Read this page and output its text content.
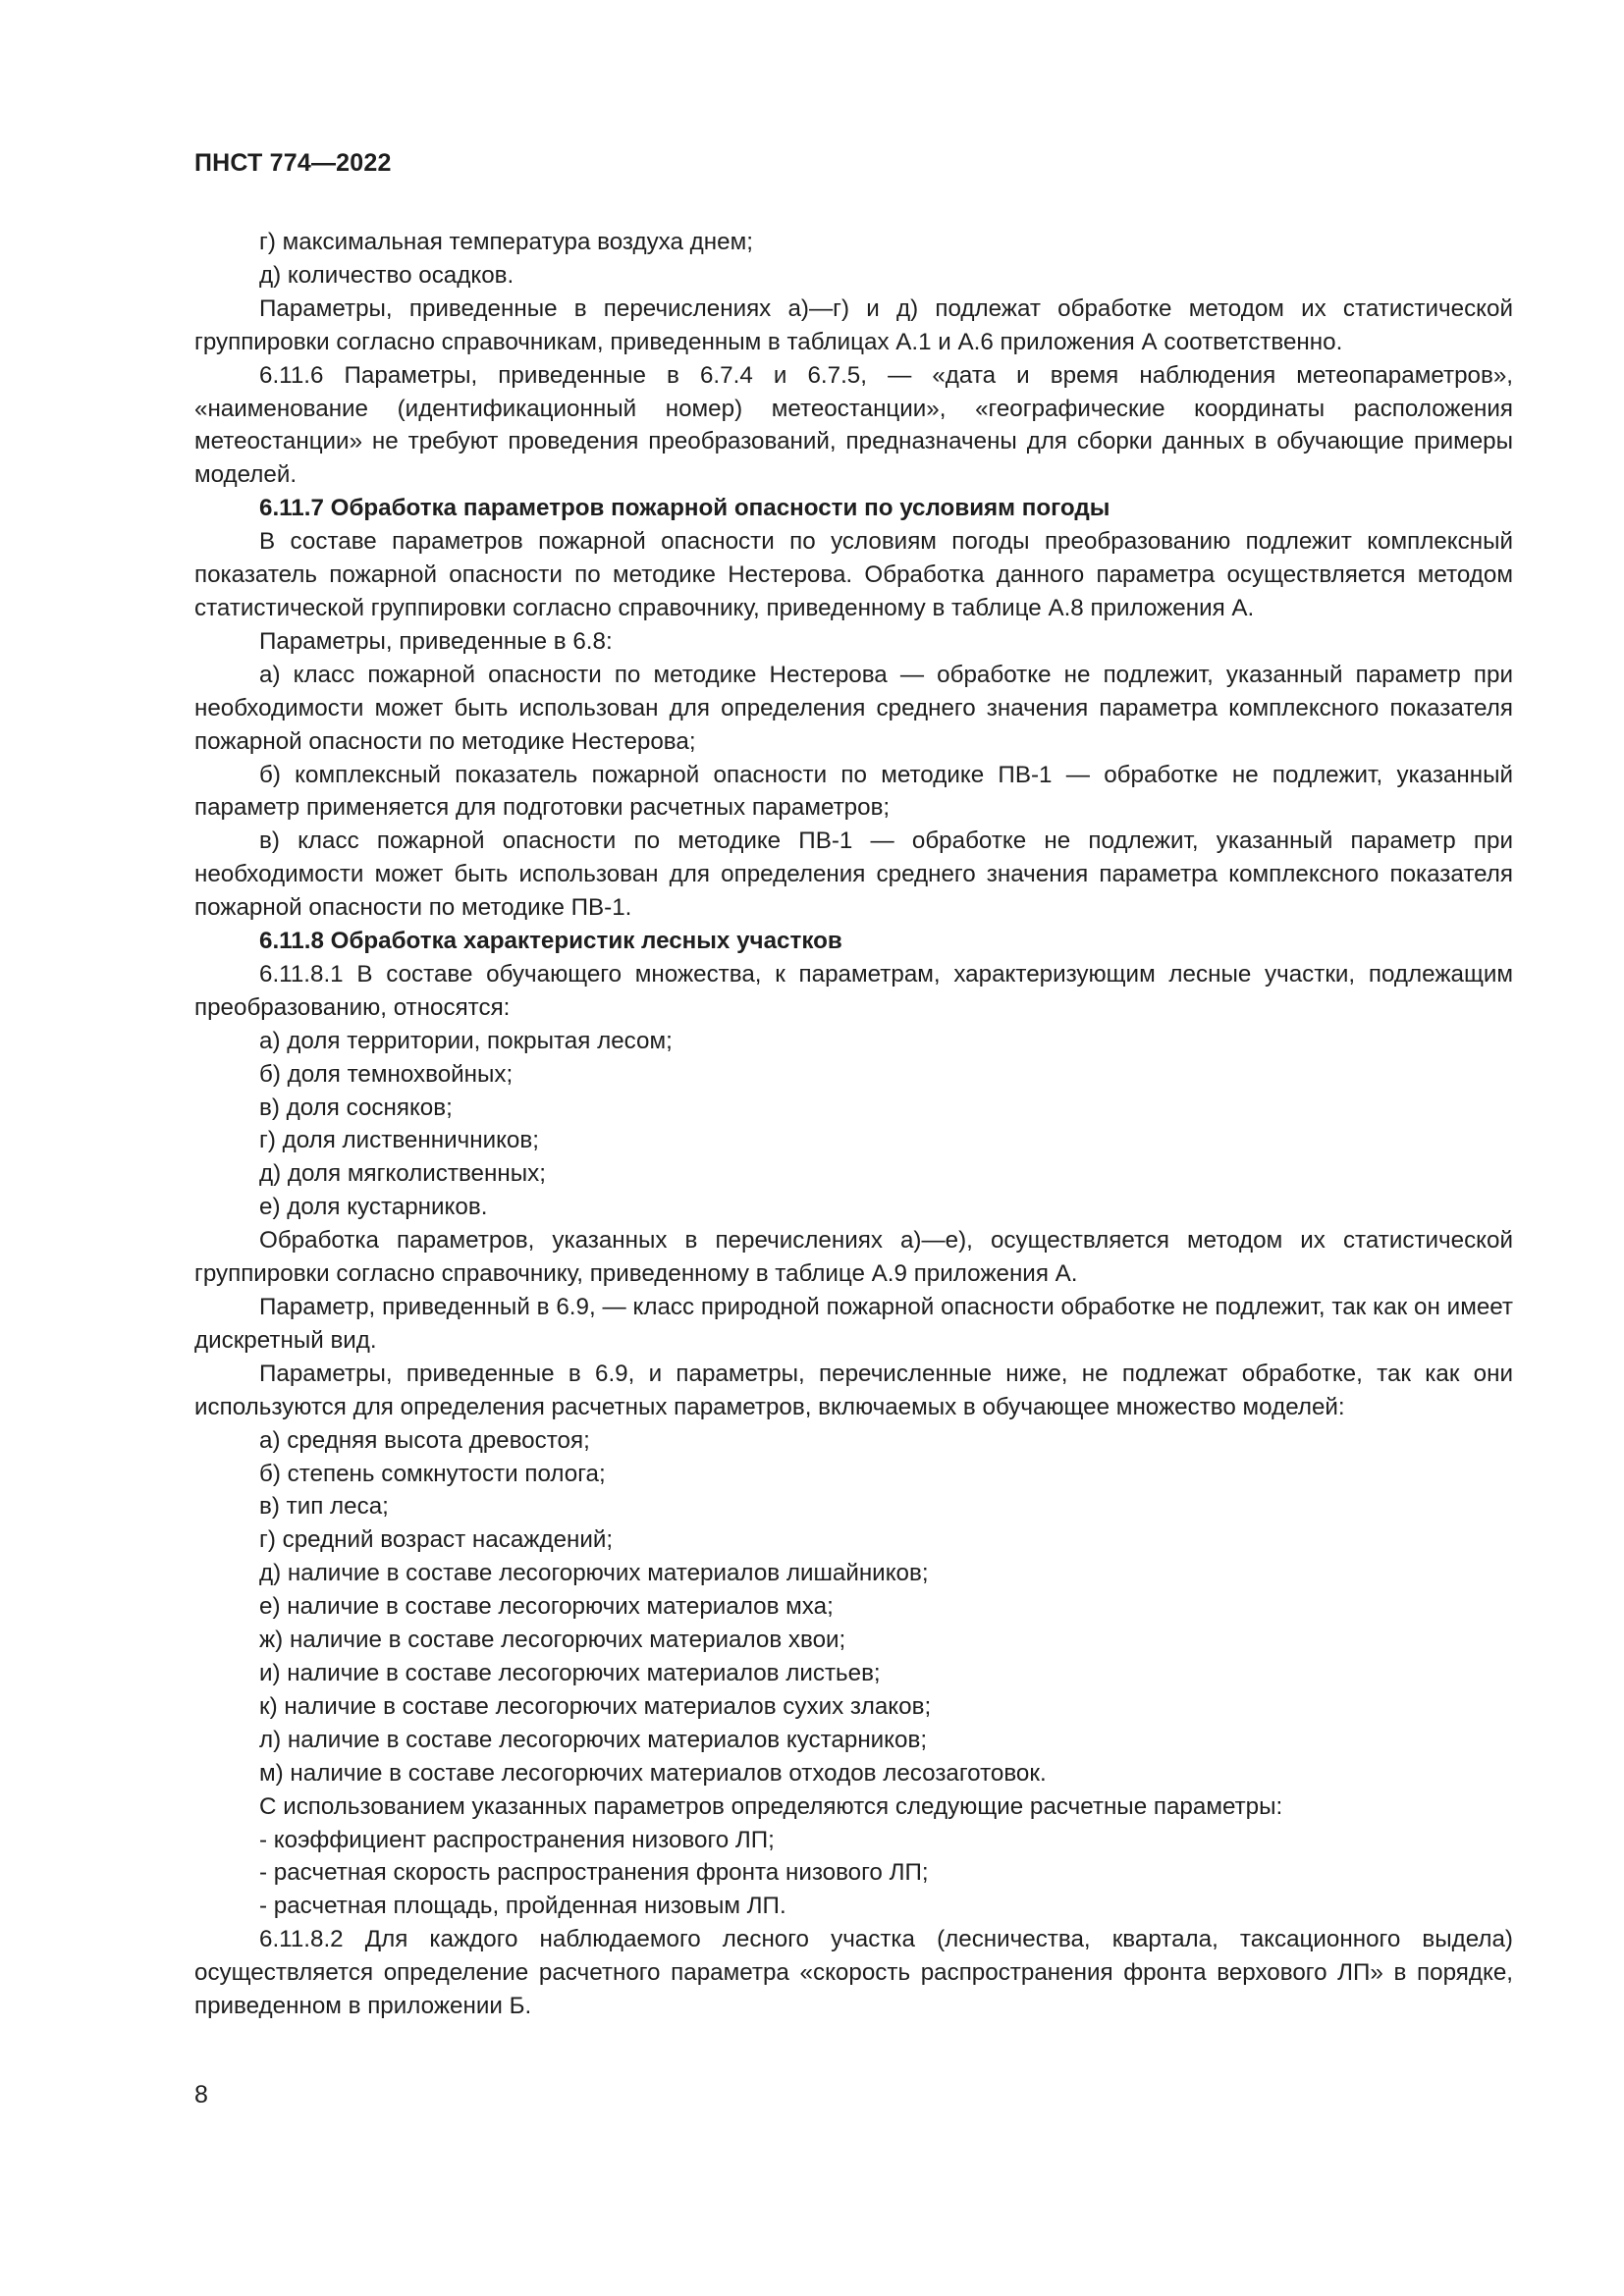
ПНСТ 774—2022

г) максимальная температура воздуха днем;

д) количество осадков.

Параметры, приведенные в перечислениях а)—г) и д) подлежат обработке методом их статистической группировки согласно справочникам, приведенным в таблицах А.1 и А.6 приложения А соответственно.

6.11.6 Параметры, приведенные в 6.7.4 и 6.7.5, — «дата и время наблюдения метеопараметров», «наименование (идентификационный номер) метеостанции», «географические координаты расположения метеостанции» не требуют проведения преобразований, предназначены для сборки данных в обучающие примеры моделей.

6.11.7 Обработка параметров пожарной опасности по условиям погоды

В составе параметров пожарной опасности по условиям погоды преобразованию подлежит комплексный показатель пожарной опасности по методике Нестерова. Обработка данного параметра осуществляется методом статистической группировки согласно справочнику, приведенному в таблице А.8 приложения А.

Параметры, приведенные в 6.8:

а) класс пожарной опасности по методике Нестерова — обработке не подлежит, указанный параметр при необходимости может быть использован для определения среднего значения параметра комплексного показателя пожарной опасности по методике Нестерова;

б) комплексный показатель пожарной опасности по методике ПВ-1 — обработке не подлежит, указанный параметр применяется для подготовки расчетных параметров;

в) класс пожарной опасности по методике ПВ-1 — обработке не подлежит, указанный параметр при необходимости может быть использован для определения среднего значения параметра комплексного показателя пожарной опасности по методике ПВ-1.

6.11.8 Обработка характеристик лесных участков

6.11.8.1 В составе обучающего множества, к параметрам, характеризующим лесные участки, подлежащим преобразованию, относятся:

а) доля территории, покрытая лесом;

б) доля темнохвойных;

в) доля сосняков;

г) доля лиственничников;

д) доля мягколиственных;

е) доля кустарников.

Обработка параметров, указанных в перечислениях а)—е), осуществляется методом их статистической группировки согласно справочнику, приведенному в таблице А.9 приложения А.

Параметр, приведенный в 6.9, — класс природной пожарной опасности обработке не подлежит, так как он имеет дискретный вид.

Параметры, приведенные в 6.9, и параметры, перечисленные ниже, не подлежат обработке, так как они используются для определения расчетных параметров, включаемых в обучающее множество моделей:

а) средняя высота древостоя;

б) степень сомкнутости полога;

в) тип леса;

г) средний возраст насаждений;

д) наличие в составе лесогорючих материалов лишайников;

е) наличие в составе лесогорючих материалов мха;

ж) наличие в составе лесогорючих материалов хвои;

и) наличие в составе лесогорючих материалов листьев;

к) наличие в составе лесогорючих материалов сухих злаков;

л) наличие в составе лесогорючих материалов кустарников;

м) наличие в составе лесогорючих материалов отходов лесозаготовок.

С использованием указанных параметров определяются следующие расчетные параметры:

- коэффициент распространения низового ЛП;

- расчетная скорость распространения фронта низового ЛП;

- расчетная площадь, пройденная низовым ЛП.

6.11.8.2 Для каждого наблюдаемого лесного участка (лесничества, квартала, таксационного выдела) осуществляется определение расчетного параметра «скорость распространения фронта верхового ЛП» в порядке, приведенном в приложении Б.

8
